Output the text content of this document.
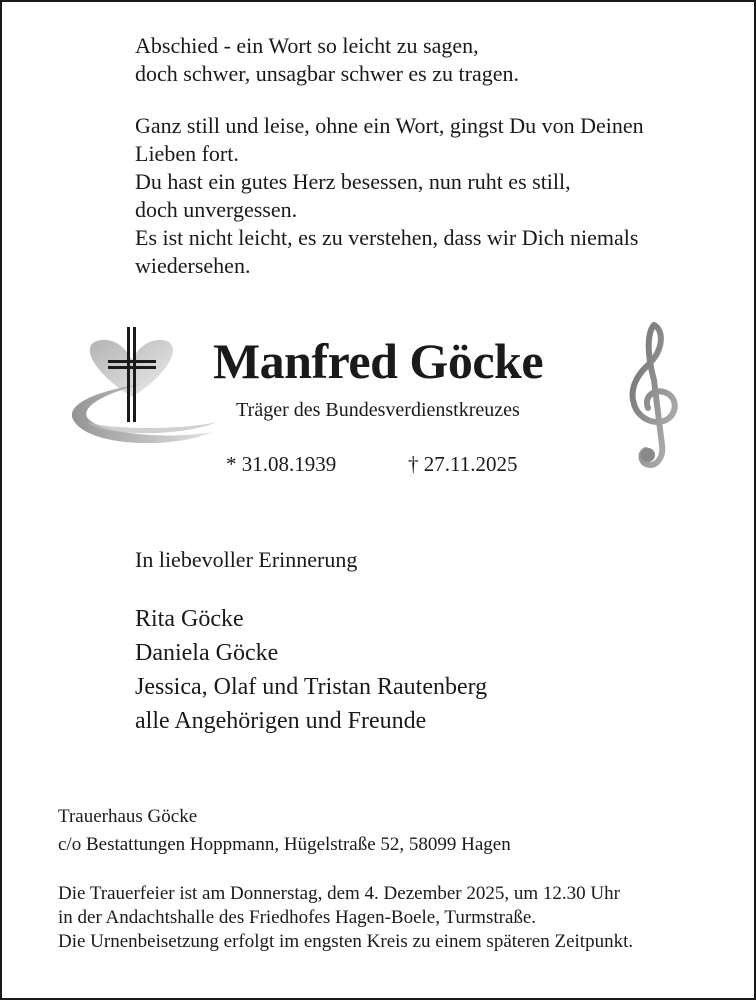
Abschied - ein Wort so leicht zu sagen,

doch schwer, unsagbar schwer es zu tragen.

Ganz still und leise, ohne ein Wort, gingst Du von Deinen

Lieben fort.

Du hast ein gutes Herz besessen, nun ruht es still,

doch unvergessen.

Es ist nicht leicht, es zu verstehen, dass wir Dich niemals

wiedersehen.

Manfred Göcke
Träger des Bundesverdienstkreuzes
* 31.08.1939	† 27.11.2025
In liebevoller Erinnerung
Rita Göcke
Daniela Göcke
Jessica, Olaf und Tristan Rautenberg
alle Angehörigen und Freunde
Trauerhaus Göcke
c/o Bestattungen Hoppmann, Hügelstraße 52, 58099 Hagen
Die Trauerfeier ist am Donnerstag, dem 4. Dezember 2025, um 12.30 Uhr
in der Andachtshalle des Friedhofes Hagen-Boele, Turmstraße.
Die Urnenbeisetzung erfolgt im engsten Kreis zu einem späteren Zeitpunkt.
